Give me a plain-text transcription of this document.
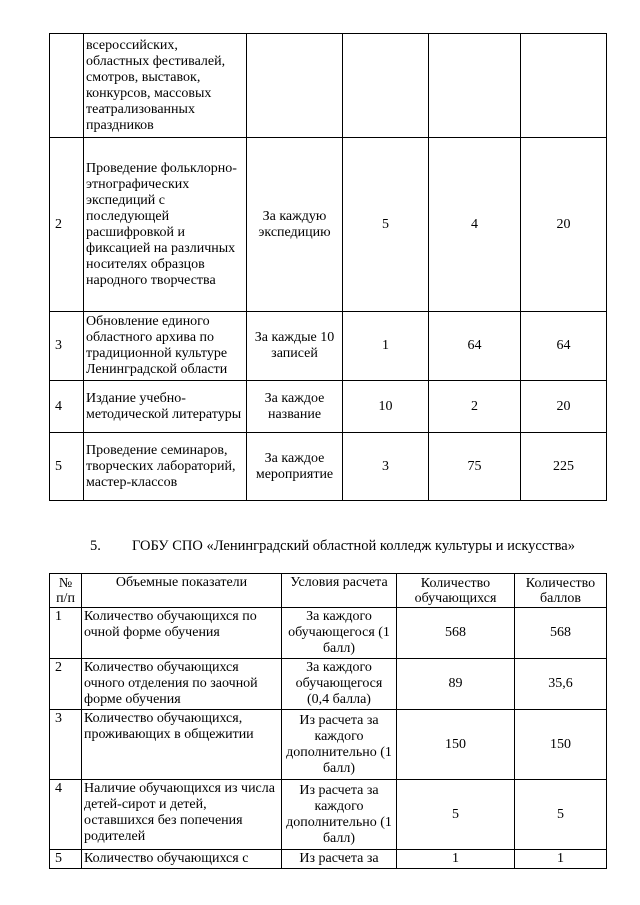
	всероссийских, областных фестивалей, смотров, выставок, конкурсов, массовых театрализованных праздников				
2	Проведение фольклорно-этнографических экспедиций с последующей расшифровкой и фиксацией на различных носителях образцов народного творчества	За каждую экспедицию	5	4	20
3	Обновление единого областного архива по традиционной культуре Ленинградской области	За каждые 10 записей	1	64	64
4	Издание учебно-методической литературы	За каждое название	10	2	20
5	Проведение семинаров, творческих лабораторий, мастер-классов	За каждое мероприятие	3	75	225
5. ГОБУ СПО «Ленинградский областной колледж культуры и искусства»
№ п/п	Объемные показатели	Условия расчета	Количество обучающихся	Количество баллов
1	Количество обучающихся по очной форме обучения	За каждого обучающегося (1 балл)	568	568
2	Количество обучающихся очного отделения по заочной форме обучения	За каждого обучающегося (0,4 балла)	89	35,6
3	Количество обучающихся, проживающих в общежитии	Из расчета за каждого дополнительно (1 балл)	150	150
4	Наличие обучающихся из числа детей-сирот и детей, оставшихся без попечения родителей	Из расчета за каждого дополнительно (1 балл)	5	5
5	Количество обучающихся с	Из расчета за	1	1
